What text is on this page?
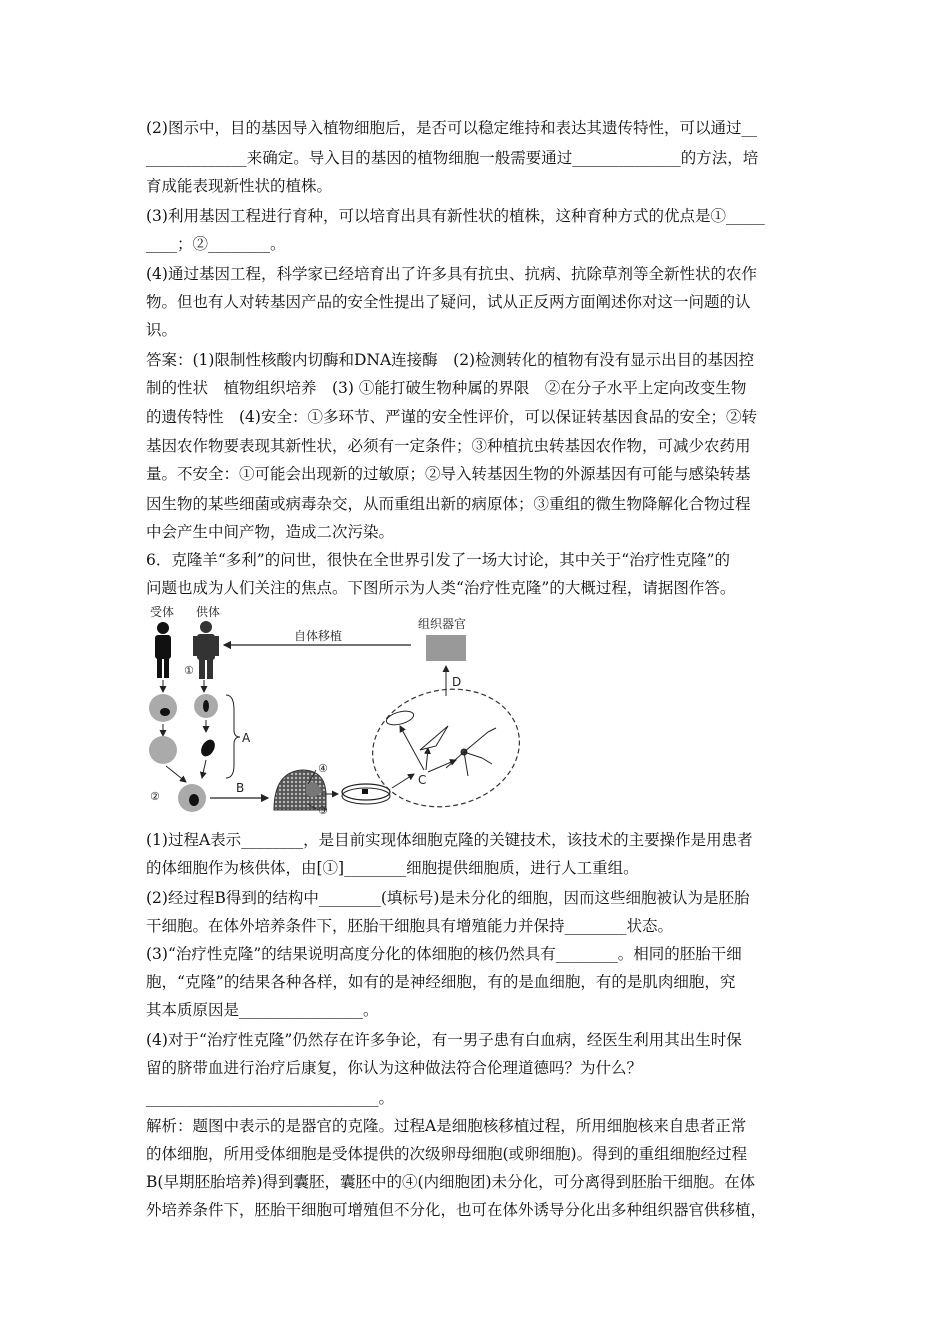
(2)图示中，目的基因导入植物细胞后，是否可以稳定维持和表达其遗传特性，可以通过__
_____________来确定。导入目的基因的植物细胞一般需要通过______________的方法，培
育成能表现新性状的植株。
(3)利用基因工程进行育种，可以培育出具有新性状的植株，这种育种方式的优点是①_____
____；②________。
(4)通过基因工程，科学家已经培育出了许多具有抗虫、抗病、抗除草剂等全新性状的农作
物。但也有人对转基因产品的安全性提出了疑问，试从正反两方面阐述你对这一问题的认
识。
答案：(1)限制性核酸内切酶和DNA连接酶　(2)检测转化的植物有没有显示出目的基因控
制的性状　植物组织培养　(3) ①能打破生物种属的界限　②在分子水平上定向改变生物
的遗传特性　(4)安全：①多环节、严谨的安全性评价，可以保证转基因食品的安全；②转
基因农作物要表现其新性状，必须有一定条件；③种植抗虫转基因农作物，可减少农药用
量。不安全：①可能会出现新的过敏原；②导入转基因生物的外源基因有可能与感染转基
因生物的某些细菌或病毒杂交，从而重组出新的病原体；③重组的微生物降解化合物过程
中会产生中间产物，造成二次污染。
6．克隆羊“多利”的问世，很快在全世界引发了一场大讨论，其中关于“治疗性克隆”的
问题也成为人们关注的焦点。下图所示为人类“治疗性克隆”的大概过程，请据图作答。
受体 供体
自体移植
组织器官
①
A
②
B
④
③
C
D
(1)过程A表示________，是目前实现体细胞克隆的关键技术，该技术的主要操作是用患者
的体细胞作为核供体，由[①]________细胞提供细胞质，进行人工重组。
(2)经过程B得到的结构中________(填标号)是未分化的细胞，因而这些细胞被认为是胚胎
干细胞。在体外培养条件下，胚胎干细胞具有增殖能力并保持________状态。
(3)“治疗性克隆”的结果说明高度分化的体细胞的核仍然具有________。相同的胚胎干细
胞，“克隆”的结果各种各样，如有的是神经细胞，有的是血细胞，有的是肌肉细胞，究
其本质原因是________________。
(4)对于“治疗性克隆”仍然存在许多争论，有一男子患有白血病，经医生利用其出生时保
留的脐带血进行治疗后康复，你认为这种做法符合伦理道德吗？为什么？
______________________________。
解析：题图中表示的是器官的克隆。过程A是细胞核移植过程，所用细胞核来自患者正常
的体细胞，所用受体细胞是受体提供的次级卵母细胞(或卵细胞)。得到的重组细胞经过程
B(早期胚胎培养)得到囊胚，囊胚中的④(内细胞团)未分化，可分离得到胚胎干细胞。在体
外培养条件下，胚胎干细胞可增殖但不分化，也可在体外诱导分化出多种组织器官供移植，
